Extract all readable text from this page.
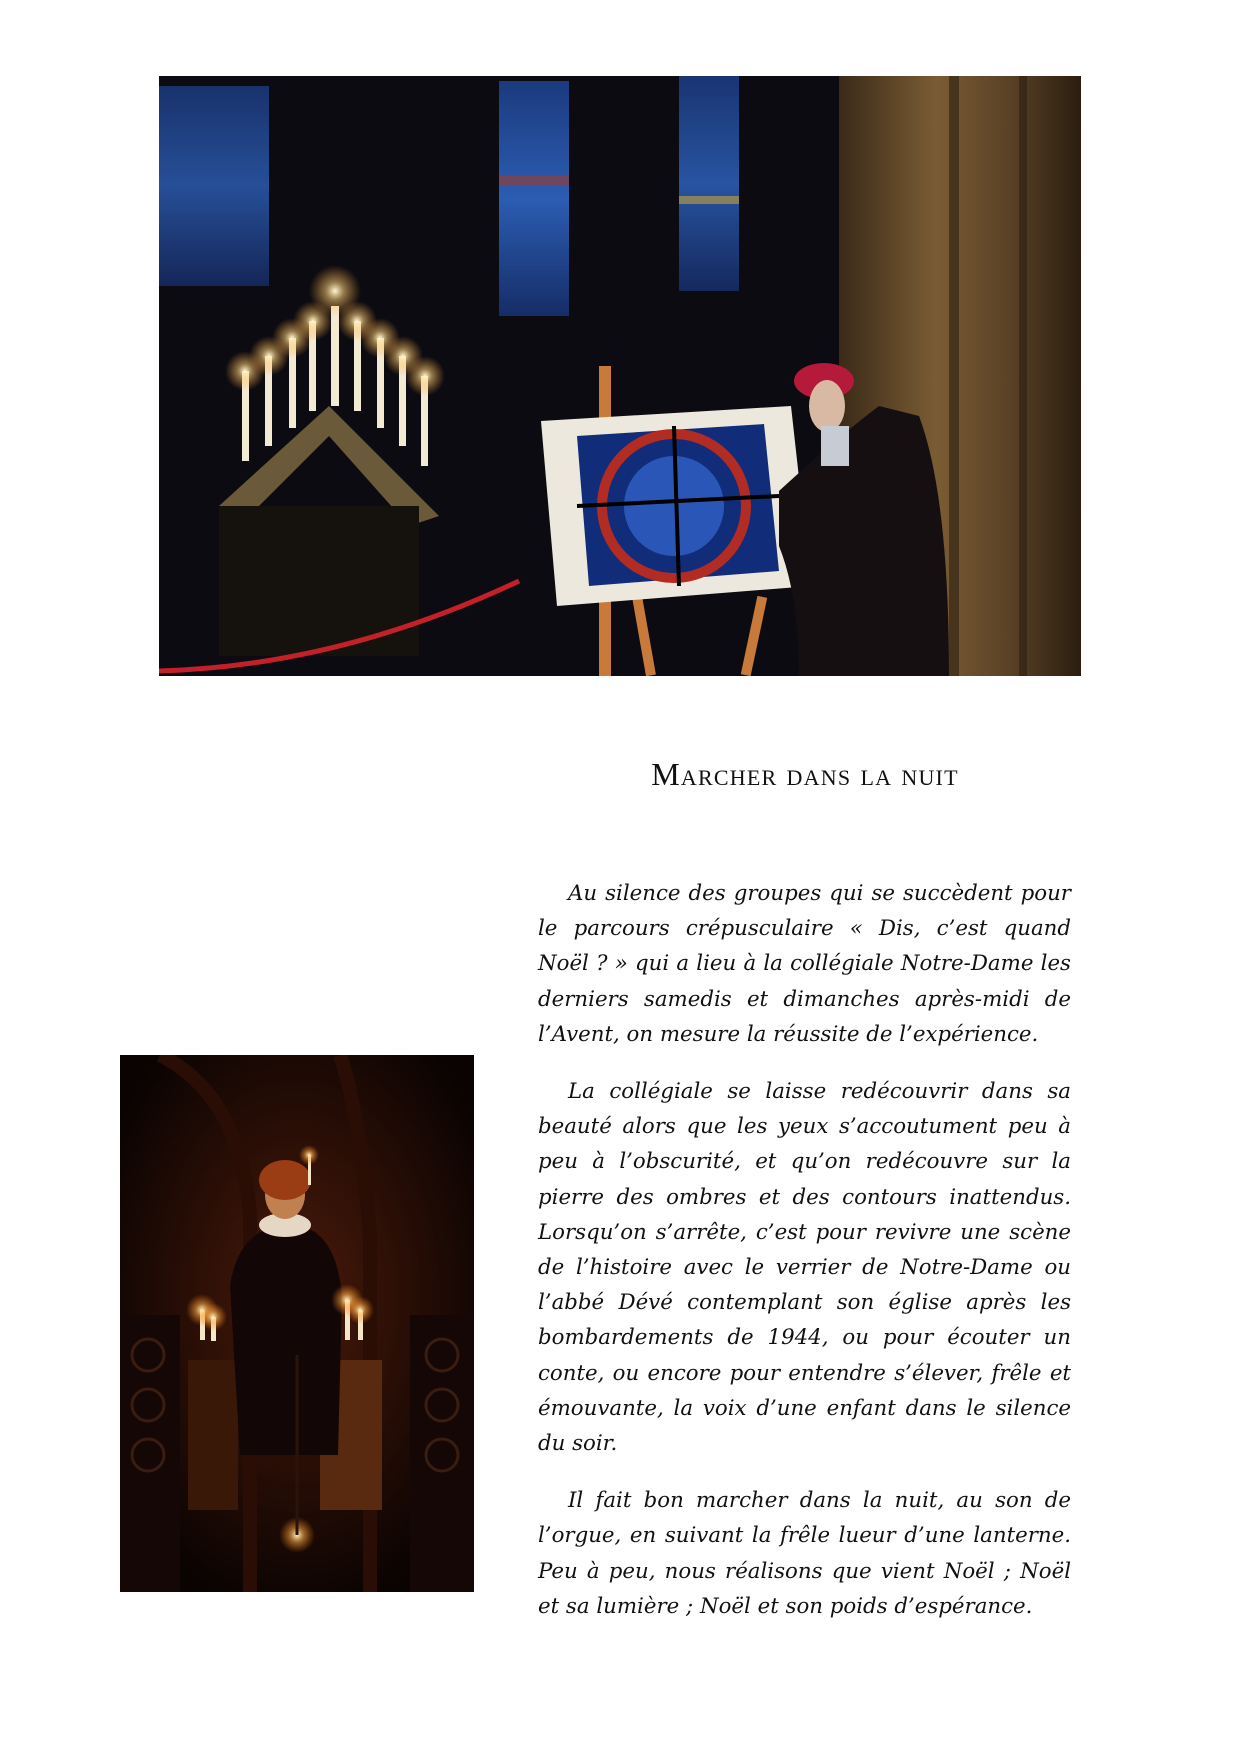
Marcher dans la nuit

Au silence des groupes qui se succèdent pour le parcours crépusculaire « Dis, c’est quand Noël ? » qui a lieu à la collégiale Notre-Dame les derniers samedis et dimanches après-midi de l’Avent, on mesure la réussite de l’expérience.

La collégiale se laisse redécouvrir dans sa beauté alors que les yeux s’accoutument peu à peu à l’obscurité, et qu’on redécouvre sur la pierre des ombres et des contours inattendus. Lorsqu’on s’arrête, c’est pour revivre une scène de l’histoire avec le verrier de Notre-Dame ou l’abbé Dévé contemplant son église après les bombardements de 1944, ou pour écouter un conte, ou encore pour entendre s’élever, frêle et émouvante, la voix d’une enfant dans le silence du soir.

Il fait bon marcher dans la nuit, au son de l’orgue, en suivant la frêle lueur d’une lanterne. Peu à peu, nous réalisons que vient Noël ; Noël et sa lumière ; Noël et son poids d’espérance.
